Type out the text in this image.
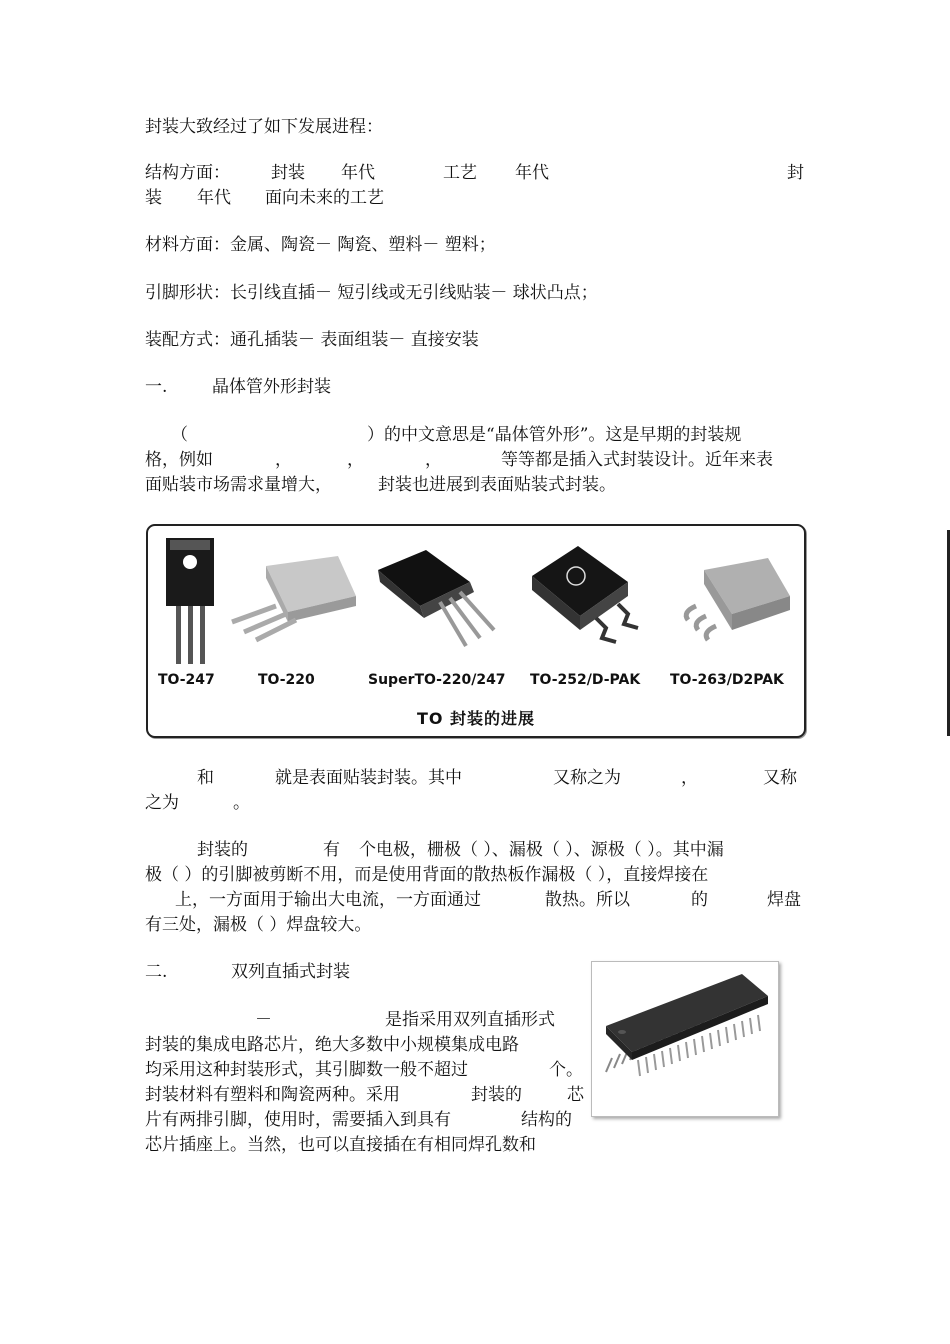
封装大致经过了如下发展进程：

结构方面：

封装

年代

	工艺

年代

	封

装

年代

面向未来的工艺

材料方面：金属、陶瓷－ 陶瓷、塑料－ 塑料；
引脚形状：长引线直插－ 短引线或无引线贴装－ 球状凸点；
装配方式：通孔插装－ 表面组装－ 直接安装

一.

	晶体管外形封装

（

	）的中文意思是“晶体管外形”。这是早期的封装规

格，例如

	，

	，

	，

	等等都是插入式封装设计。近年来表

面贴装市场需求量增大，

	封装也进展到表面贴装式封装。

TO-247	TO-220	SuperTO-220/247 TO-252/D-PAK TO-263/D2PAK
TO 封装的进展

和

	就是表面贴装封装。其中

	又称之为

	，

	又称

之为

	。

封装的

	有

个电极，栅极（ ）、漏极（ ）、源极（ ）。其中漏

极（ ）的引脚被剪断不用，而是使用背面的散热板作漏极（ ），直接焊接在

上，一方面用于输出大电流，一方面通过

	散热。所以

	的

	焊盘

有三处，漏极（ ）焊盘较大。

二.

	双列直插式封装

－

	是指采用双列直插形式

封装的集成电路芯片，绝大多数中小规模集成电路

均采用这种封装形式，其引脚数一般不超过

	个。

封装材料有塑料和陶瓷两种。采用

	封装的

	芯

片有两排引脚，使用时，需要插入到具有

	结构的

芯片插座上。当然，也可以直接插在有相同焊孔数和
